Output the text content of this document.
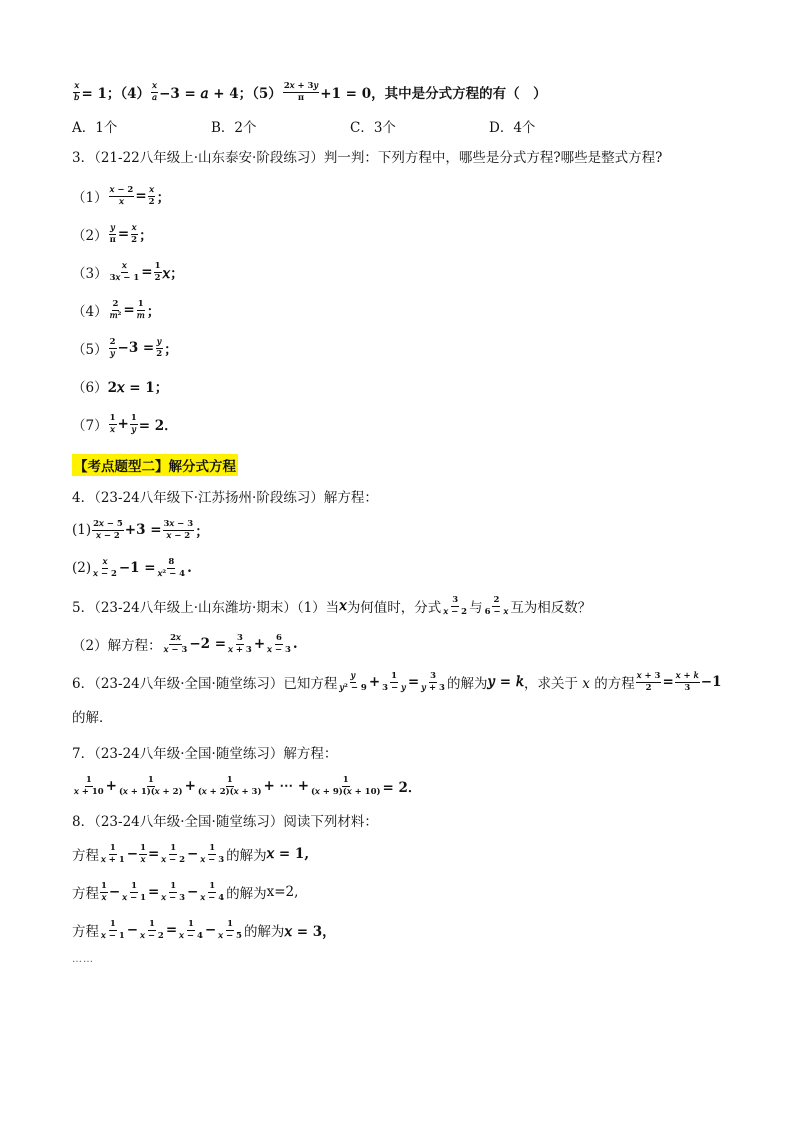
$\frac{\text{𝑥}}{\text{𝑏}} = 1$；$(4) \frac{\text{𝑥}}{\text{𝑎}} -3$ = 𝑎 + 4；$(5) \frac{\text{2𝑥 + 3𝑦}}{\pi} +1 = 0$，其中是分式方程的有（　）
A．1个	B．2个	C．3个	D．4个
3．（21-22八年级上·山东泰安·阶段练习）判一判：下列方程中，哪些是分式方程?哪些是整式方程?
$(1) \frac{\text{𝑥 − 2}}{\text{𝑥}} = \frac{\text{𝑥}}{2}$ ；
$(2) \frac{\text{𝑦}}{\pi} = \frac{\text{𝑥}}{2}$ ；
$(3) \frac{\text{𝑥}}{\text{3𝑥 − 1}} = \frac{1}{2}$ 𝑥；
$(4) \frac{2}{\text{𝑚²}} = \frac{1}{\text{𝑚}}$ ；
$(5) \frac{2}{\text{𝑦}} -3 = \frac{\text{𝑦}}{2}$ ；
（6） 2𝑥 = 1；
$(7) \frac{1}{\text{𝑥}} + \frac{1}{\text{𝑦}} = 2$．
【考点题型二】解分式方程
4．（23-24八年级下·江苏扬州·阶段练习）解方程：
$(1) \frac{\text{2𝑥 − 5}}{\text{𝑥 − 2}} +3 = \frac{\text{3𝑥 − 3}}{\text{𝑥 − 2}}$ ；
$(2) \frac{\text{𝑥}}{\text{𝑥 − 2}} -1 = \frac{8}{\text{𝑥² − 4}}$ .
5．（23-24八年级上·山东潍坊·期末）（1）当 𝑥 为何值时，分式 $\frac{3}{\text{𝑥 − 2}}$ 与 $\frac{2}{\text{6 − 𝑥}}$ 互为相反数？
（2）解方程： $\frac{\text{2𝑥}}{\text{𝑥 − 3}} -2 = \frac{3}{\text{𝑥 + 3}} + \frac{6}{\text{𝑥 − 3}}$ .
6．（23-24八年级·全国·随堂练习）已知方程 $\frac{\text{𝑦}}{\text{𝑦² − 9}} + \frac{1}{\text{3 − 𝑦}} = \frac{3}{\text{𝑦 + 3}}$ 的解为 𝑦 = 𝑘 ，求关于 𝑥 的方程 $\frac{\text{𝑥 + 3}}{2} = \frac{\text{𝑥 + 𝑘}}{3} -1$
的解．
7．（23-24八年级·全国·随堂练习）解方程：
$\frac{1}{\text{𝑥 + 10}} + \frac{1}{\text{(𝑥 + 1)(𝑥 + 2)}} + \frac{1}{\text{(𝑥 + 2)(𝑥 + 3)}}$ + ⋯ + $\frac{1}{\text{(𝑥 + 9)(𝑥 + 10)}} = 2$．
8．（23-24八年级·全国·随堂练习）阅读下列材料：
方程 $\frac{1}{\text{𝑥 + 1}} - \frac{1}{\text{𝑥}} = \frac{1}{\text{𝑥 − 2}} - \frac{1}{\text{𝑥 − 3}}$ 的解为 𝑥 = 1,
方程 $\frac{1}{\text{𝑥}} - \frac{1}{\text{𝑥 − 1}} = \frac{1}{\text{𝑥 − 3}} - \frac{1}{\text{𝑥 − 4}}$ 的解为 x=2,
方程 $\frac{1}{\text{𝑥 − 1}} - \frac{1}{\text{𝑥 − 2}} = \frac{1}{\text{𝑥 − 4}} - \frac{1}{\text{𝑥 − 5}}$ 的解为 𝑥 = 3，
……
